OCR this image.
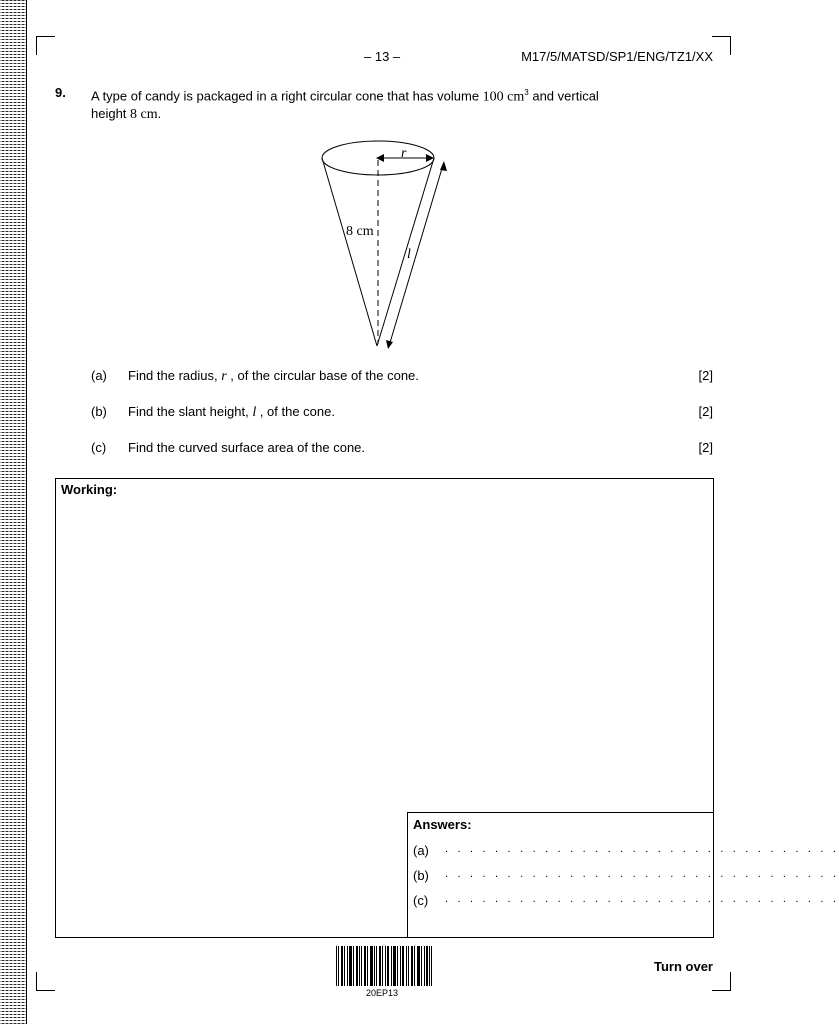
– 13 –	M17/5/MATSD/SP1/ENG/TZ1/XX
9. A type of candy is packaged in a right circular cone that has volume 100 $cm^3$ and vertical
height 8 cm.
r
8 cm
l
(a) Find the radius, r , of the circular base of the cone.	[2]
(b) Find the slant height, l , of the cone.	[2]
(c) Find the curved surface area of the cone.	[2]
Working:
Answers:
(a) . . . . . . . . . . . . . . . . . . . . . . . . . . . . . . . .
(b) . . . . . . . . . . . . . . . . . . . . . . . . . . . . . . . .
(c) . . . . . . . . . . . . . . . . . . . . . . . . . . . . . . . .
20EP13
Turn over
